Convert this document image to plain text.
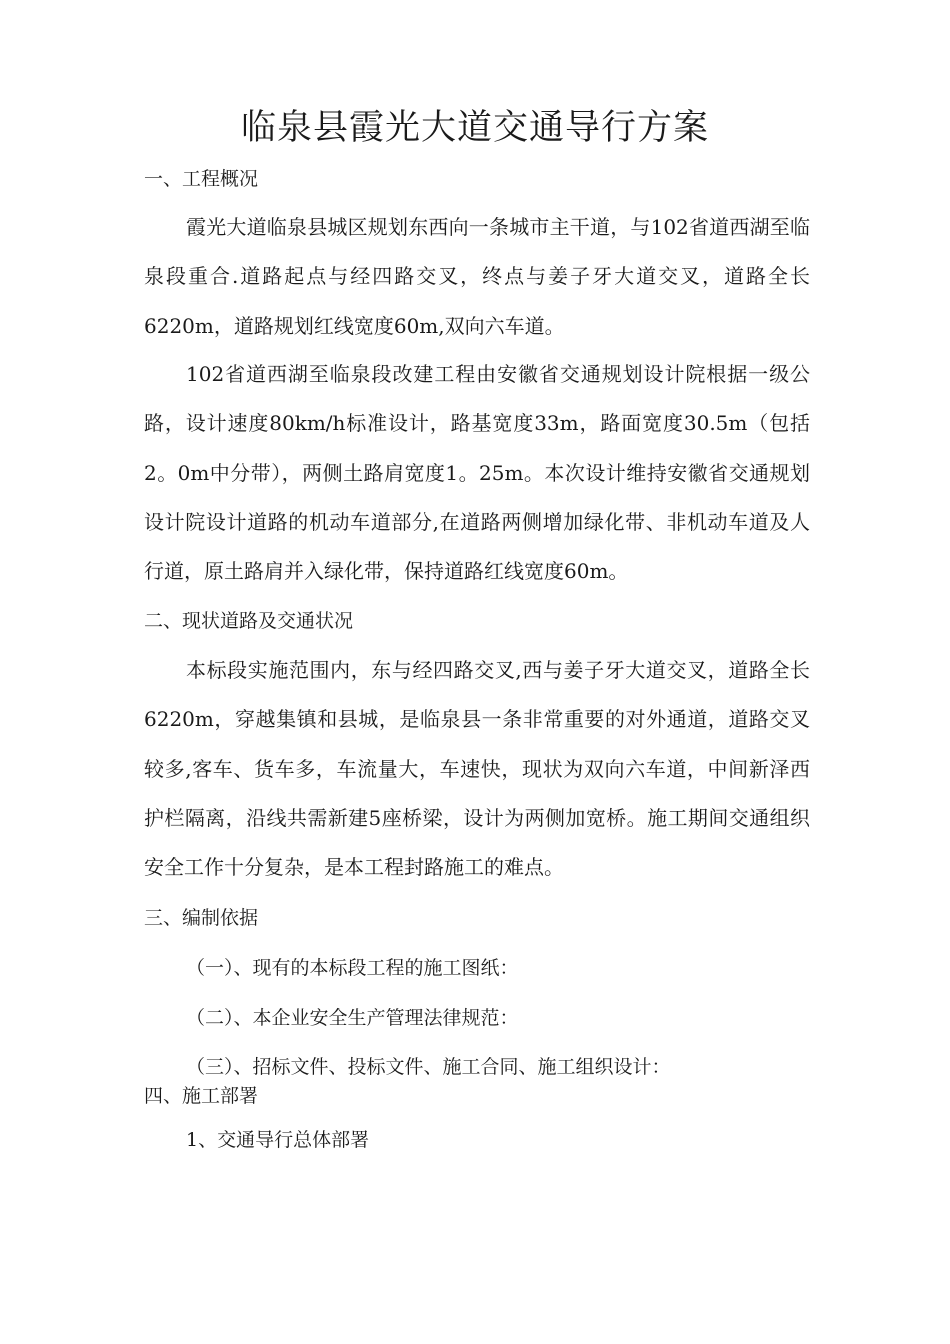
临泉县霞光大道交通导行方案

一、工程概况

霞光大道临泉县城区规划东西向一条城市主干道，与102省道西湖至临泉段重合.道路起点与经四路交叉，终点与姜子牙大道交叉，道路全长6220m，道路规划红线宽度60m,双向六车道。

102省道西湖至临泉段改建工程由安徽省交通规划设计院根据一级公路，设计速度80km/h标准设计，路基宽度33m，路面宽度30.5m（包括2。0m中分带），两侧土路肩宽度1。25m。本次设计维持安徽省交通规划设计院设计道路的机动车道部分,在道路两侧增加绿化带、非机动车道及人行道，原土路肩并入绿化带，保持道路红线宽度60m。

二、现状道路及交通状况

本标段实施范围内，东与经四路交叉,西与姜子牙大道交叉，道路全长6220m，穿越集镇和县城，是临泉县一条非常重要的对外通道，道路交叉较多,客车、货车多，车流量大，车速快，现状为双向六车道，中间新泽西护栏隔离，沿线共需新建5座桥梁，设计为两侧加宽桥。施工期间交通组织安全工作十分复杂，是本工程封路施工的难点。

三、编制依据

（一）、现有的本标段工程的施工图纸：

（二）、本企业安全生产管理法律规范：

（三）、招标文件、投标文件、施工合同、施工组织设计：

四、施工部署

1、交通导行总体部署
